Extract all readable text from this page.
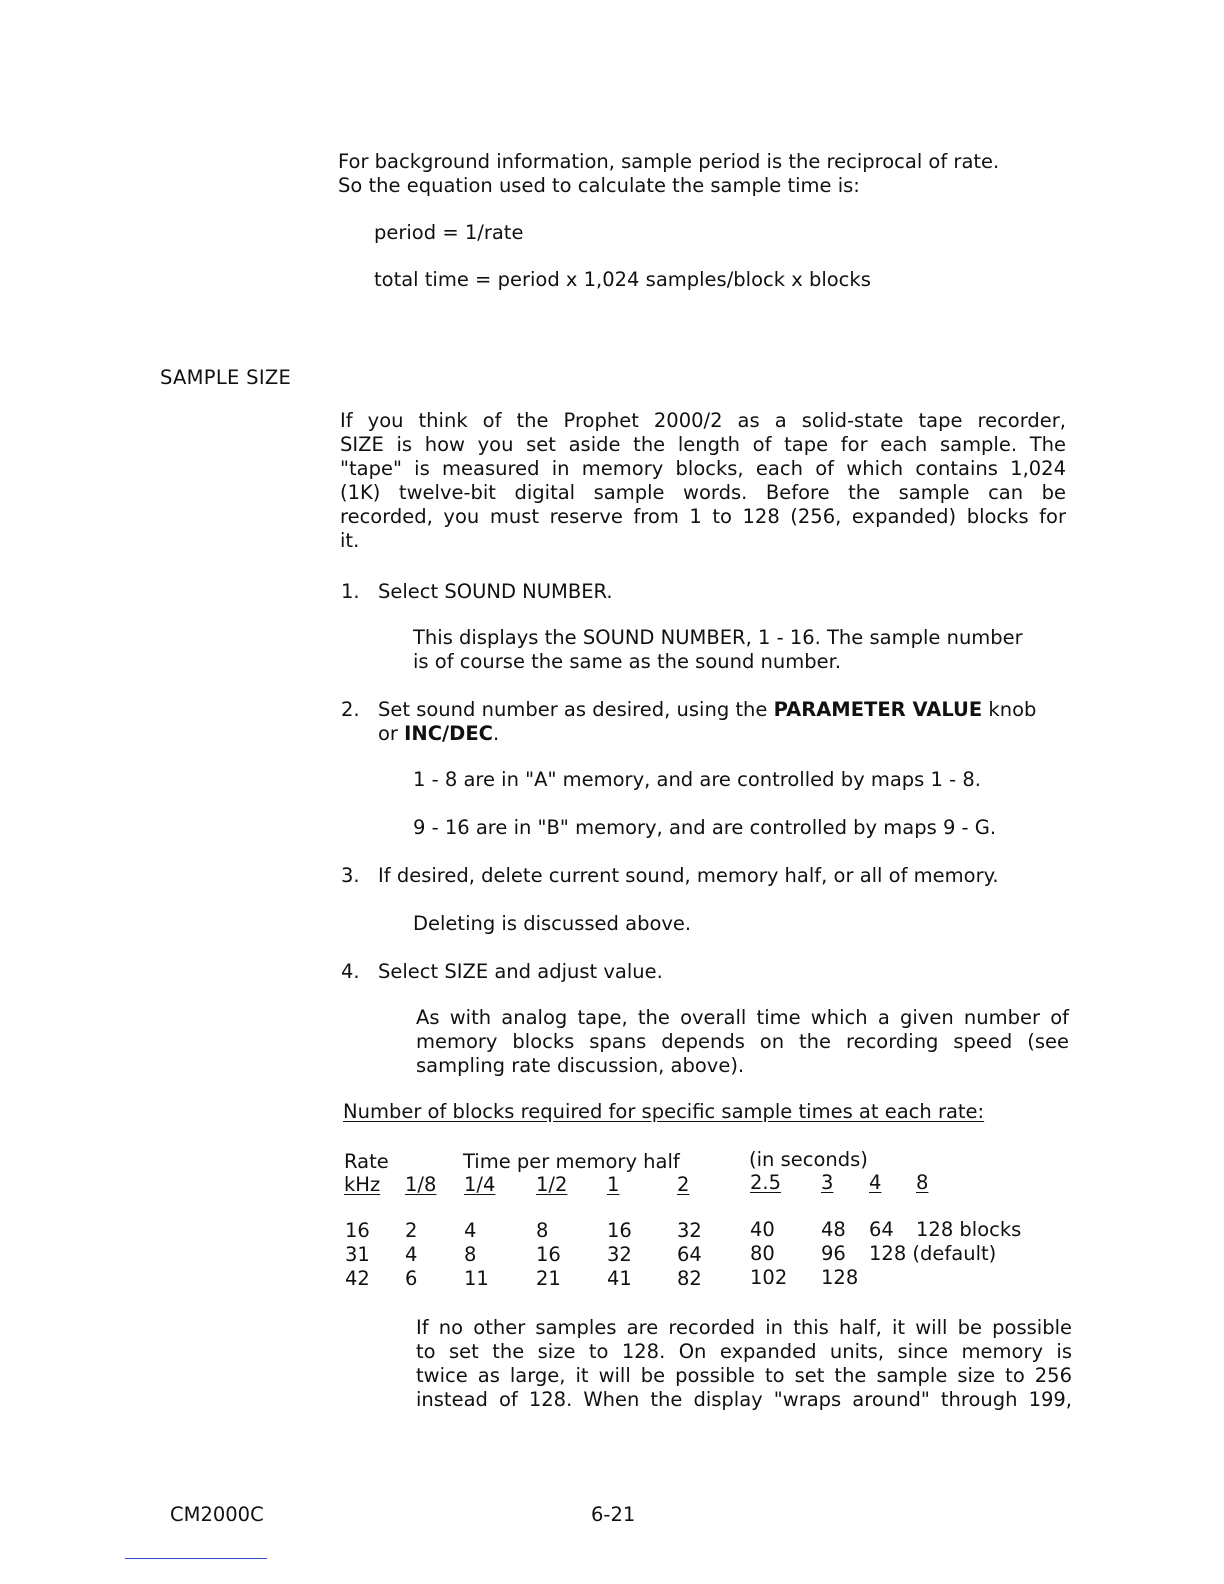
For background information, sample period is the reciprocal of rate.
So the equation used to calculate the sample time is:
period = 1/rate
total time = period x 1,024 samples/block x blocks
SAMPLE SIZE
If you think of the Prophet 2000/2 as a solid-state tape recorder,
SIZE is how you set aside the length of tape for each sample. The
"tape" is measured in memory blocks, each of which contains 1,024
(1K) twelve-bit digital sample words. Before the sample can be
recorded, you must reserve from 1 to 128 (256, expanded) blocks for
it.
1. Select SOUND NUMBER.
This displays the SOUND NUMBER, 1 - 16. The sample number
is of course the same as the sound number.
2. Set sound number as desired, using the PARAMETER VALUE knob
or INC/DEC.
1 - 8 are in "A" memory, and are controlled by maps 1 - 8.
9 - 16 are in "B" memory, and are controlled by maps 9 - G.
3. If desired, delete current sound, memory half, or all of memory.
Deleting is discussed above.
4. Select SIZE and adjust value.
As with analog tape, the overall time which a given number of
memory blocks spans depends on the recording speed (see
sampling rate discussion, above).
Number of blocks required for specific sample times at each rate:
Rate	Time per memory half	(in seconds)
kHz 1/8 1/4 1/2 1	2	2.5 3 4 8
16 2 4	8	16 32 40 48 64 128 blocks
31 4 8	16 32 64 80 96 128 (default)
42 6 11 21 41 82 102 128
If no other samples are recorded in this half, it will be possible
to set the size to 128. On expanded units, since memory is
twice as large, it will be possible to set the sample size to 256
instead of 128. When the display "wraps around" through 199,
CM2000C	6-21
